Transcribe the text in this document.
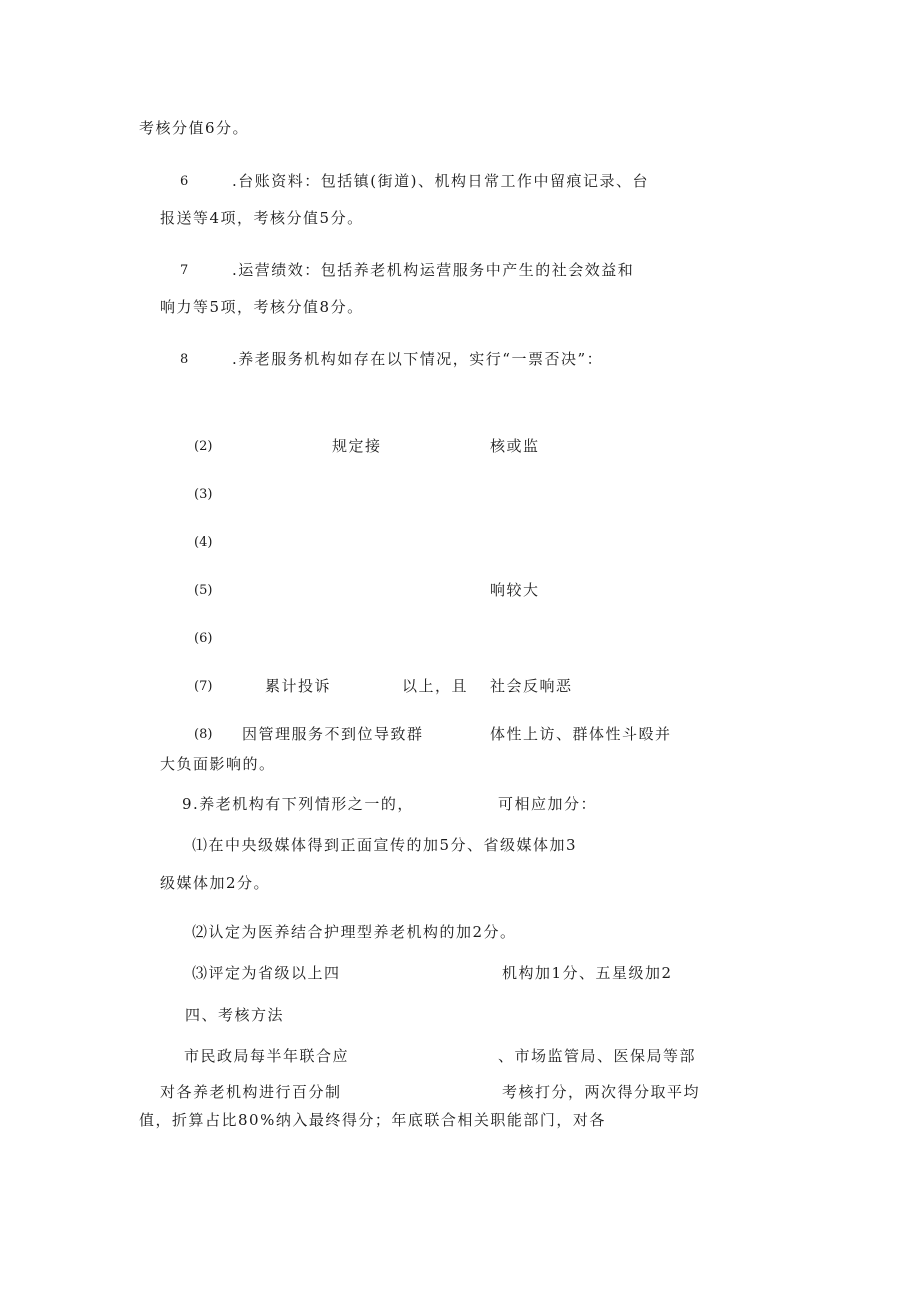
考核分值6分。
6	.台账资料：包括镇(街道)、机构日常工作中留痕记录、台
报送等4项，考核分值5分。
7	.运营绩效：包括养老机构运营服务中产生的社会效益和
响力等5项，考核分值8分。
8	.养老服务机构如存在以下情况，实行“一票否决”：
(2)	规定接	核或监
(3)
(4)
(5)	响较大
(6)
(7)	累计投诉	以上，且 社会反响恶
(8) 因管理服务不到位导致群	体性上访、群体性斗殴并
大负面影响的。
9.养老机构有下列情形之一的，	可相应加分：
⑴在中央级媒体得到正面宣传的加5分、省级媒体加3
级媒体加2分。
⑵认定为医养结合护理型养老机构的加2分。
⑶评定为省级以上四	机构加1分、五星级加2
四、考核方法
市民政局每半年联合应	、市场监管局、医保局等部
对各养老机构进行百分制	考核打分，两次得分取平均
值，折算占比80%纳入最终得分；年底联合相关职能部门，对各
